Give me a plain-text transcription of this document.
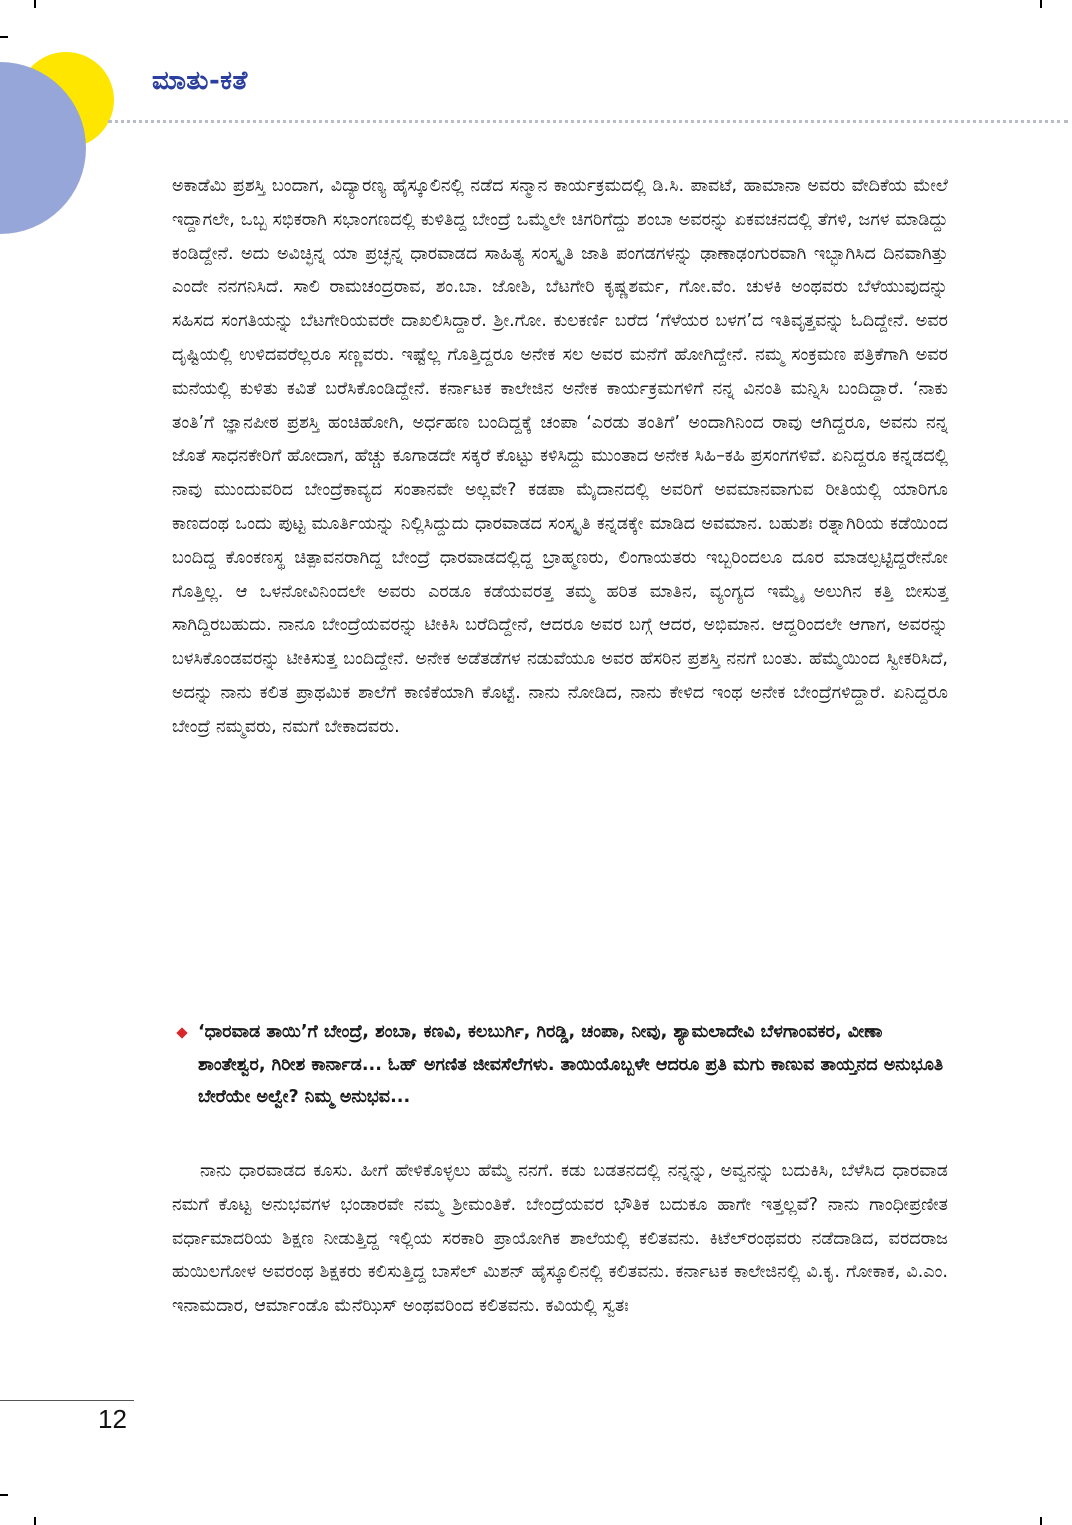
ಮಾತು-ಕತೆ

ಅಕಾಡೆಮಿ ಪ್ರಶಸ್ತಿ ಬಂದಾಗ, ವಿದ್ಯಾರಣ್ಯ ಹೈಸ್ಕೂಲಿನಲ್ಲಿ ನಡೆದ ಸನ್ಮಾನ ಕಾರ್ಯಕ್ರಮದಲ್ಲಿ ಡಿ.ಸಿ. ಪಾವಟೆ, ಹಾಮಾನಾ ಅವರು ವೇದಿಕೆಯ ಮೇಲೆ ಇದ್ದಾಗಲೇ, ಒಬ್ಬ ಸಭಿಕರಾಗಿ ಸಭಾಂಗಣದಲ್ಲಿ ಕುಳಿತಿದ್ದ ಬೇಂದ್ರೆ ಒಮ್ಮೆಲೇ ಚಿಗರಿಗೆದ್ದು ಶಂಬಾ ಅವರನ್ನು ಏಕವಚನದಲ್ಲಿ ತೆಗಳಿ, ಜಗಳ ಮಾಡಿದ್ದು ಕಂಡಿದ್ದೇನೆ. ಅದು ಅವಿಚ್ಛಿನ್ನ ಯಾ ಪ್ರಚ್ಛನ್ನ ಧಾರವಾಡದ ಸಾಹಿತ್ಯ ಸಂಸ್ಕೃತಿ ಜಾತಿ ಪಂಗಡಗಳನ್ನು ಢಾಣಾಢಂಗುರವಾಗಿ ಇಬ್ಭಾಗಿಸಿದ ದಿನವಾಗಿತ್ತು ಎಂದೇ ನನಗನಿಸಿದೆ. ಸಾಲಿ ರಾಮಚಂದ್ರರಾವ, ಶಂ.ಬಾ. ಜೋಶಿ, ಬೆಟಗೇರಿ ಕೃಷ್ಣಶರ್ಮ, ಗೋ.ವೆಂ. ಚುಳಕಿ ಅಂಥವರು ಬೆಳೆಯುವುದನ್ನು ಸಹಿಸದ ಸಂಗತಿಯನ್ನು ಬೆಟಗೇರಿಯವರೇ ದಾಖಲಿಸಿದ್ದಾರೆ. ಶ್ರೀ.ಗೋ. ಕುಲಕರ್ಣಿ ಬರೆದ ‘ಗೆಳೆಯರ ಬಳಗ’ದ ಇತಿವೃತ್ತವನ್ನು ಓದಿದ್ದೇನೆ. ಅವರ ದೃಷ್ಟಿಯಲ್ಲಿ ಉಳಿದವರೆಲ್ಲರೂ ಸಣ್ಣವರು. ಇಷ್ಟೆಲ್ಲ ಗೊತ್ತಿದ್ದರೂ ಅನೇಕ ಸಲ ಅವರ ಮನೆಗೆ ಹೋಗಿದ್ದೇನೆ. ನಮ್ಮ ಸಂಕ್ರಮಣ ಪತ್ರಿಕೆಗಾಗಿ ಅವರ ಮನೆಯಲ್ಲಿ ಕುಳಿತು ಕವಿತೆ ಬರೆಸಿಕೊಂಡಿದ್ದೇನೆ. ಕರ್ನಾಟಕ ಕಾಲೇಜಿನ ಅನೇಕ ಕಾರ್ಯಕ್ರಮಗಳಿಗೆ ನನ್ನ ವಿನಂತಿ ಮನ್ನಿಸಿ ಬಂದಿದ್ದಾರೆ. ‘ನಾಕು ತಂತಿ’ಗೆ ಜ್ಞಾನಪೀಠ ಪ್ರಶಸ್ತಿ ಹಂಚಿಹೋಗಿ, ಅರ್ಧಹಣ ಬಂದಿದ್ದಕ್ಕೆ ಚಂಪಾ ‘ಎರಡು ತಂತಿಗೆ’ ಅಂದಾಗಿನಿಂದ ರಾವು ಆಗಿದ್ದರೂ, ಅವನು ನನ್ನ ಜೊತೆ ಸಾಧನಕೇರಿಗೆ ಹೋದಾಗ, ಹೆಚ್ಚು ಕೂಗಾಡದೇ ಸಕ್ಕರೆ ಕೊಟ್ಟು ಕಳಿಸಿದ್ದು ಮುಂತಾದ ಅನೇಕ ಸಿಹಿ–ಕಹಿ ಪ್ರಸಂಗಗಳಿವೆ. ಏನಿದ್ದರೂ ಕನ್ನಡದಲ್ಲಿ ನಾವು ಮುಂದುವರಿದ ಬೇಂದ್ರೆಕಾವ್ಯದ ಸಂತಾನವೇ ಅಲ್ಲವೇ? ಕಡಪಾ ಮೈದಾನದಲ್ಲಿ ಅವರಿಗೆ ಅವಮಾನವಾಗುವ ರೀತಿಯಲ್ಲಿ ಯಾರಿಗೂ ಕಾಣದಂಥ ಒಂದು ಪುಟ್ಟ ಮೂರ್ತಿಯನ್ನು ನಿಲ್ಲಿಸಿದ್ದುದು ಧಾರವಾಡದ ಸಂಸ್ಕೃತಿ ಕನ್ನಡಕ್ಕೇ ಮಾಡಿದ ಅವಮಾನ. ಬಹುಶಃ ರತ್ನಾಗಿರಿಯ ಕಡೆಯಿಂದ ಬಂದಿದ್ದ ಕೊಂಕಣಸ್ಥ ಚಿತ್ಪಾವನರಾಗಿದ್ದ ಬೇಂದ್ರೆ ಧಾರವಾಡದಲ್ಲಿದ್ದ ಬ್ರಾಹ್ಮಣರು, ಲಿಂಗಾಯತರು ಇಬ್ಬರಿಂದಲೂ ದೂರ ಮಾಡಲ್ಪಟ್ಟಿದ್ದರೇನೋ ಗೊತ್ತಿಲ್ಲ. ಆ ಒಳನೋವಿನಿಂದಲೇ ಅವರು ಎರಡೂ ಕಡೆಯವರತ್ತ ತಮ್ಮ ಹರಿತ ಮಾತಿನ, ವ್ಯಂಗ್ಯದ ಇಮ್ಮೈ ಅಲುಗಿನ ಕತ್ತಿ ಬೀಸುತ್ತ ಸಾಗಿದ್ದಿರಬಹುದು. ನಾನೂ ಬೇಂದ್ರೆಯವರನ್ನು ಟೀಕಿಸಿ ಬರೆದಿದ್ದೇನೆ, ಆದರೂ ಅವರ ಬಗ್ಗೆ ಆದರ, ಅಭಿಮಾನ. ಆದ್ದರಿಂದಲೇ ಆಗಾಗ, ಅವರನ್ನು ಬಳಸಿಕೊಂಡವರನ್ನು ಟೀಕಿಸುತ್ತ ಬಂದಿದ್ದೇನೆ. ಅನೇಕ ಅಡೆತಡೆಗಳ ನಡುವೆಯೂ ಅವರ ಹೆಸರಿನ ಪ್ರಶಸ್ತಿ ನನಗೆ ಬಂತು. ಹೆಮ್ಮೆಯಿಂದ ಸ್ವೀಕರಿಸಿದೆ, ಅದನ್ನು ನಾನು ಕಲಿತ ಪ್ರಾಥಮಿಕ ಶಾಲೆಗೆ ಕಾಣಿಕೆಯಾಗಿ ಕೊಟ್ಟೆ. ನಾನು ನೋಡಿದ, ನಾನು ಕೇಳಿದ ಇಂಥ ಅನೇಕ ಬೇಂದ್ರೆಗಳಿದ್ದಾರೆ. ಏನಿದ್ದರೂ ಬೇಂದ್ರೆ ನಮ್ಮವರು, ನಮಗೆ ಬೇಕಾದವರು.

‘ಧಾರವಾಡ ತಾಯಿ’ಗೆ ಬೇಂದ್ರೆ, ಶಂಬಾ, ಕಣವಿ, ಕಲಬುರ್ಗಿ, ಗಿರಡ್ಡಿ, ಚಂಪಾ, ನೀವು, ಶ್ಯಾಮಲಾದೇವಿ ಬೆಳಗಾಂವಕರ, ವೀಣಾ ಶಾಂತೇಶ್ವರ, ಗಿರೀಶ ಕಾರ್ನಾಡ... ಓಹ್ ಅಗಣಿತ ಜೀವಸೆಲೆಗಳು. ತಾಯಿಯೊಬ್ಬಳೇ ಆದರೂ ಪ್ರತಿ ಮಗು ಕಾಣುವ ತಾಯ್ತನದ ಅನುಭೂತಿ ಬೇರೆಯೇ ಅಲ್ವೇ? ನಿಮ್ಮ ಅನುಭವ...

ನಾನು ಧಾರವಾಡದ ಕೂಸು. ಹೀಗೆ ಹೇಳಿಕೊಳ್ಳಲು ಹೆಮ್ಮೆ ನನಗೆ. ಕಡು ಬಡತನದಲ್ಲಿ ನನ್ನನ್ನು, ಅವ್ವನನ್ನು ಬದುಕಿಸಿ, ಬೆಳೆಸಿದ ಧಾರವಾಡ ನಮಗೆ ಕೊಟ್ಟ ಅನುಭವಗಳ ಭಂಡಾರವೇ ನಮ್ಮ ಶ್ರೀಮಂತಿಕೆ. ಬೇಂದ್ರೆಯವರ ಭೌತಿಕ ಬದುಕೂ ಹಾಗೇ ಇತ್ತಲ್ಲವೆ? ನಾನು ಗಾಂಧೀಪ್ರಣೀತ ವರ್ಧಾಮಾದರಿಯ ಶಿಕ್ಷಣ ನೀಡುತ್ತಿದ್ದ ಇಲ್ಲಿಯ ಸರಕಾರಿ ಪ್ರಾಯೋಗಿಕ ಶಾಲೆಯಲ್ಲಿ ಕಲಿತವನು. ಕಿಟೆಲ್‌ರಂಥವರು ನಡೆದಾಡಿದ, ವರದರಾಜ ಹುಯಿಲಗೋಳ ಅವರಂಥ ಶಿಕ್ಷಕರು ಕಲಿಸುತ್ತಿದ್ದ ಬಾಸೆಲ್ ಮಿಶನ್ ಹೈಸ್ಕೂಲಿನಲ್ಲಿ ಕಲಿತವನು. ಕರ್ನಾಟಕ ಕಾಲೇಜಿನಲ್ಲಿ ವಿ.ಕೃ. ಗೋಕಾಕ, ವಿ.ಎಂ. ಇನಾಮದಾರ, ಆರ್ಮಾಂಡೊ ಮೆನೆಝಿಸ್ ಅಂಥವರಿಂದ ಕಲಿತವನು. ಕವಿಯಲ್ಲಿ ಸ್ವತಃ

12
